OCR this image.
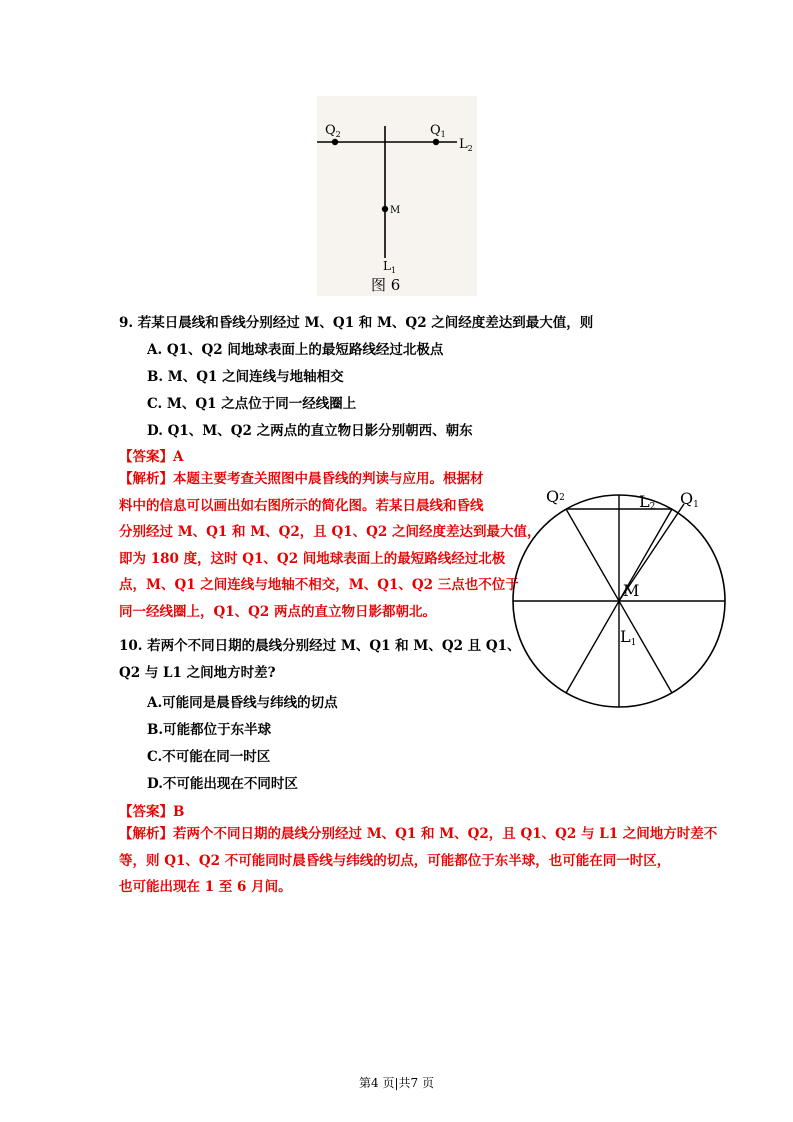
$Q_2$	$Q_1$
$L_2$
M
$L_1$
图 6
9. 若某日晨线和昏线分别经过 M、Q1 和 M、Q2 之间经度差达到最大值，则
A. Q1、Q2 间地球表面上的最短路线经过北极点
B. M、Q1 之间连线与地轴相交
C. M、Q1 之点位于同一经线圈上
D. Q1、M、Q2 之两点的直立物日影分别朝西、朝东
【答案】A
【解析】本题主要考查关照图中晨昏线的判读与应用。根据材
料中的信息可以画出如右图所示的简化图。若某日晨线和昏线
分别经过 M、Q1 和 M、Q2，且 Q1、Q2 之间经度差达到最大值，
即为 180 度，这时 Q1、Q2 间地球表面上的最短路线经过北极
点，M、Q1 之间连线与地轴不相交，M、Q1、Q2 三点也不位于
同一经线圈上，Q1、Q2 两点的直立物日影都朝北。
Q2	L2 Q1
M
L1
10. 若两个不同日期的晨线分别经过 M、Q1 和 M、Q2 且 Q1、
Q2 与 L1 之间地方时差?
A.可能同是晨昏线与纬线的切点
B.可能都位于东半球
C.不可能在同一时区
D.不可能出现在不同时区
【答案】B
【解析】若两个不同日期的晨线分别经过 M、Q1 和 M、Q2，且 Q1、Q2 与 L1 之间地方时差不
等，则 Q1、Q2 不可能同时晨昏线与纬线的切点，可能都位于东半球，也可能在同一时区，
也可能出现在 1 至 6 月间。
第4 页|共7 页
